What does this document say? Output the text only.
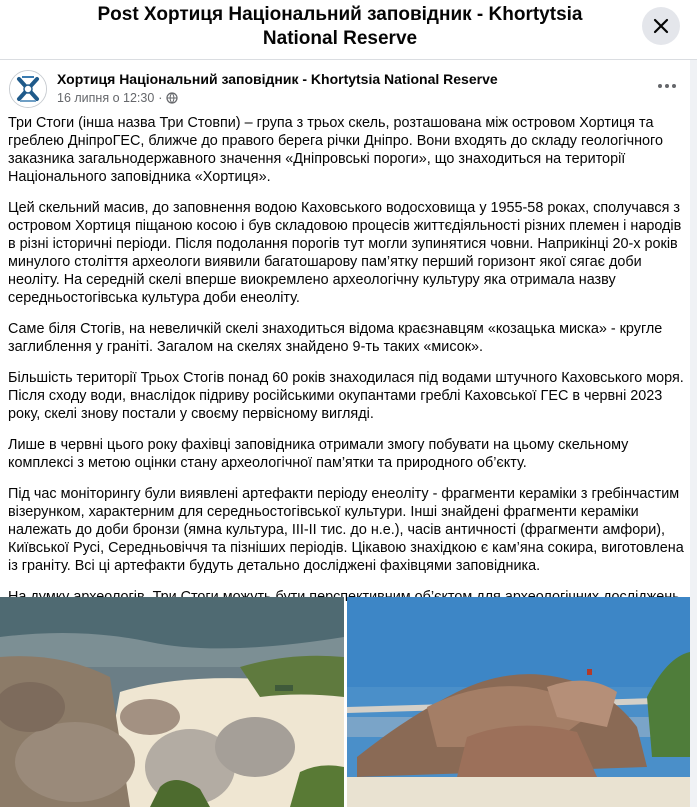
Post Хортиця Національний заповідник - Khortytsia National Reserve
Хортиця Національний заповідник - Khortytsia National Reserve
16 липня о 12:30 ·

Три Стоги (інша назва Три Стовпи) – група з трьох скель, розташована між островом Хортиця та греблею ДніпроГЕС, ближче до правого берега річки Дніпро. Вони входять до складу геологічного заказника загальнодержавного значення «Дніпровські пороги», що знаходиться на території Національного заповідника «Хортиця».

Цей скельний масив, до заповнення водою Каховського водосховища у 1955-58 роках, сполучався з островом Хортиця піщаною косою і був складовою процесів життєдіяльності різних племен і народів в різні історичні періоди. Після подолання порогів тут могли зупинятися човни. Наприкінці 20-х років минулого століття археологи виявили багатошарову пам’ятку перший горизонт якої сягає доби неоліту. На середній скелі вперше виокремлено археологічну культуру яка отримала назву середньостогівська культура доби енеоліту.

Саме біля Стогів, на невеличкій скелі знаходиться відома краєзнавцям «козацька миска» - кругле заглиблення у граніті. Загалом на скелях знайдено 9-ть таких «мисок».

Більшість території Трьох Стогів понад 60 років знаходилася під водами штучного Каховського моря. Після сходу води, внаслідок підриву російськими окупантами греблі Каховської ГЕС в червні 2023 року, скелі знову постали у своєму первісному вигляді.

Лише в червні цього року фахівці заповідника отримали змогу побувати на цьому скельному комплексі з метою оцінки стану археологічної пам’ятки та природного об’єкту.

Під час моніторингу були виявлені артефакти періоду енеоліту - фрагменти кераміки з гребінчастим візерунком, характерним для середньостогівської культури. Інші знайдені фрагменти кераміки належать до доби бронзи (ямна культура, ІІІ-ІІ тис. до н.е.), часів античності (фрагменти амфори), Київської Русі, Середньовіччя та пізніших періодів. Цікавою знахідкою є кам’яна сокира, виготовлена із граніту. Всі ці артефакти будуть детально досліджені фахівцями заповідника.
